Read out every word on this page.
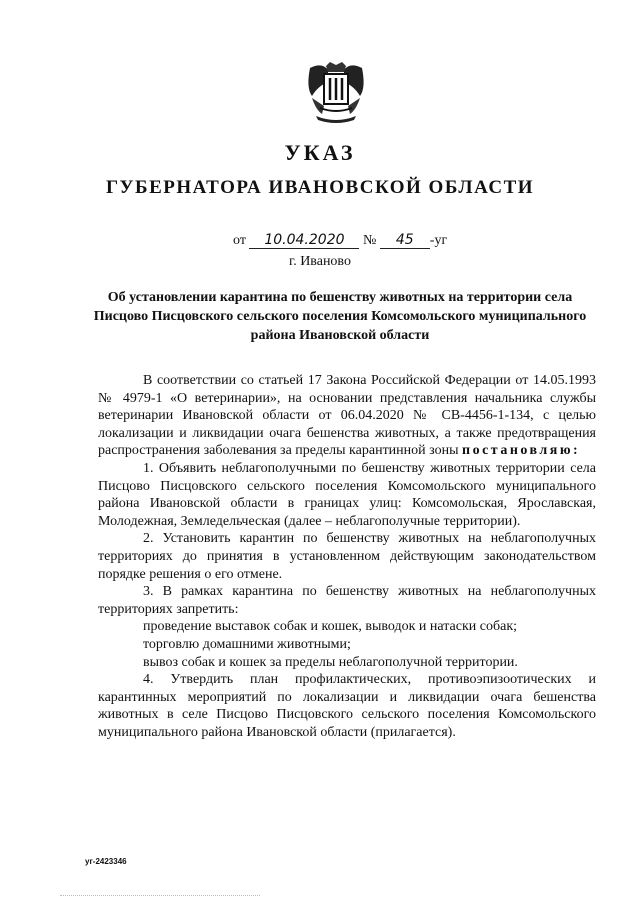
УКАЗ
ГУБЕРНАТОРА ИВАНОВСКОЙ ОБЛАСТИ
от 10.04.2020 № 45 -уг
г. Иваново
Об установлении карантина по бешенству животных на территории села Писцово Писцовского сельского поселения Комсомольского муниципального района Ивановской области

В соответствии со статьей 17 Закона Российской Федерации от 14.05.1993 № 4979-1 «О ветеринарии», на основании представления начальника службы ветеринарии Ивановской области от 06.04.2020 № СВ-4456-1-134, с целью локализации и ликвидации очага бешенства животных, а также предотвращения распространения заболевания за пределы карантинной зоны постановляю:

1. Объявить неблагополучными по бешенству животных территории села Писцово Писцовского сельского поселения Комсомольского муниципального района Ивановской области в границах улиц: Комсомольская, Ярославская, Молодежная, Земледельческая (далее – неблагополучные территории).

2. Установить карантин по бешенству животных на неблагополучных территориях до принятия в установленном действующим законодательством порядке решения о его отмене.

3. В рамках карантина по бешенству животных на неблагополучных территориях запретить:

проведение выставок собак и кошек, выводок и натаски собак;

торговлю домашними животными;

вывоз собак и кошек за пределы неблагополучной территории.

4. Утвердить план профилактических, противоэпизоотических и карантинных мероприятий по локализации и ликвидации очага бешенства животных в селе Писцово Писцовского сельского поселения Комсомольского муниципального района Ивановской области (прилагается).

уг-2423346
